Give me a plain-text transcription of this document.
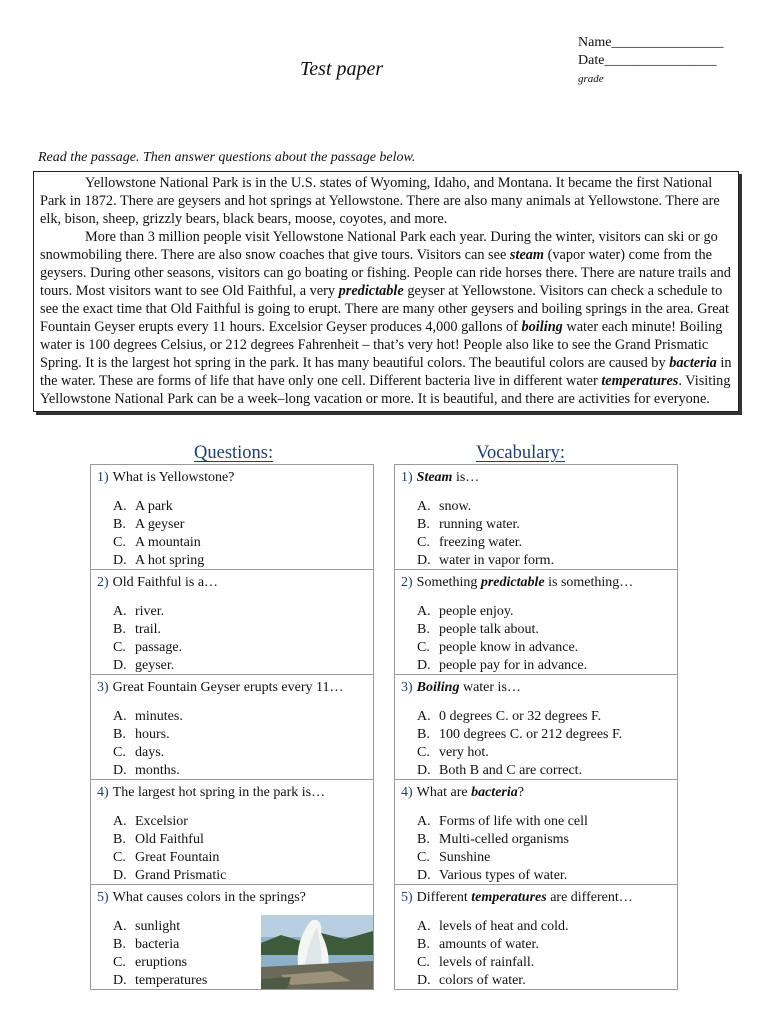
Test paper
Name________________
Date________________
grade
Read the passage. Then answer questions about the passage below.

Yellowstone National Park is in the U.S. states of Wyoming, Idaho, and Montana. It became the first National Park in 1872. There are geysers and hot springs at Yellowstone. There are also many animals at Yellowstone. There are elk, bison, sheep, grizzly bears, black bears, moose, coyotes, and more.

More than 3 million people visit Yellowstone National Park each year. During the winter, visitors can ski or go snowmobiling there. There are also snow coaches that give tours. Visitors can see steam (vapor water) come from the geysers. During other seasons, visitors can go boating or fishing. People can ride horses there. There are nature trails and tours. Most visitors want to see Old Faithful, a very predictable geyser at Yellowstone. Visitors can check a schedule to see the exact time that Old Faithful is going to erupt. There are many other geysers and boiling springs in the area. Great Fountain Geyser erupts every 11 hours. Excelsior Geyser produces 4,000 gallons of boiling water each minute! Boiling water is 100 degrees Celsius, or 212 degrees Fahrenheit – that’s very hot! People also like to see the Grand Prismatic Spring. It is the largest hot spring in the park. It has many beautiful colors. The beautiful colors are caused by bacteria in the water. These are forms of life that have only one cell. Different bacteria live in different water temperatures. Visiting Yellowstone National Park can be a week–long vacation or more. It is beautiful, and there are activities for everyone.

Questions:	Vocabulary:
1) What is Yellowstone?
A. A park
B. A geyser
C. A mountain
D. A hot spring
2) Old Faithful is a…
A. river.
B. trail.
C. passage.
D. geyser.
3) Great Fountain Geyser erupts every 11…
A. minutes.
B. hours.
C. days.
D. months.
4) The largest hot spring in the park is…
A. Excelsior
B. Old Faithful
C. Great Fountain
D. Grand Prismatic
5) What causes colors in the springs?
A. sunlight
B. bacteria
C. eruptions
D. temperatures
1) Steam is…
A. snow.
B. running water.
C. freezing water.
D. water in vapor form.
2) Something predictable is something…
A. people enjoy.
B. people talk about.
C. people know in advance.
D. people pay for in advance.
3) Boiling water is…
A. 0 degrees C. or 32 degrees F.
B. 100 degrees C. or 212 degrees F.
C. very hot.
D. Both B and C are correct.
4) What are bacteria?
A. Forms of life with one cell
B. Multi-celled organisms
C. Sunshine
D. Various types of water.
5) Different temperatures are different…
A. levels of heat and cold.
B. amounts of water.
C. levels of rainfall.
D. colors of water.
